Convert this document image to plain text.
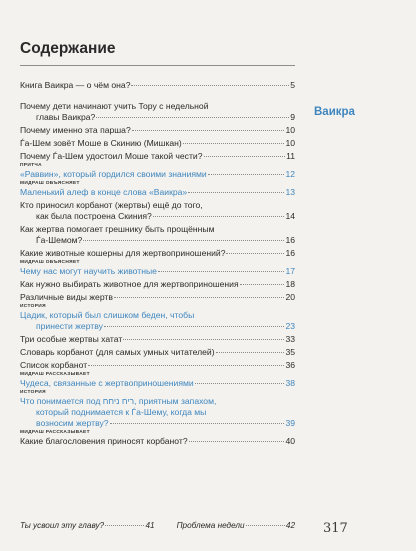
Содержание
Ваикра
Книга Ваикра — о чём она?	5
Почему дети начинают учить Тору с недельной
главы Ваикра?	9
Почему именно эта парша?	10
Ѓа-Шем зовёт Моше в Скинию (Мишкан)	10
Почему Ѓа-Шем удостоил Моше такой чести?	11
ПРИТЧА
«Раввин», который гордился своими знаниями	12
МИДРАШ ОБЪЯСНЯЕТ
Маленький алеф в конце слова «Ваикра»	13
Кто приносил корбанот (жертвы) ещё до того,
как была построена Скиния?	14
Как жертва помогает грешнику быть прощённым
Ѓа-Шемом?	16
Какие животные кошерны для жертвоприношений?	16
МИДРАШ ОБЪЯСНЯЕТ
Чему нас могут научить животные	17
Как нужно выбирать животное для жертвоприношения	18
Различные виды жертв	20
ИСТОРИЯ
Цадик, который был слишком беден, чтобы
принести жертву	23
Три особые жертвы хатат	33
Словарь корбанот (для самых умных читателей)	35
Список корбанот	36
МИДРАШ РАССКАЗЫВАЕТ
Чудеса, связанные с жертвоприношениями	38
ИСТОРИЯ
Что понимается под ריח ניחח, приятным запахом,
который поднимается к Ѓа-Шему, когда мы
возносим жертву?	39
МИДРАШ РАССКАЗЫВАЕТ
Какие благословения приносят корбанот?	40
Ты усвоил эту главу?	41	Проблема недели	42 317
